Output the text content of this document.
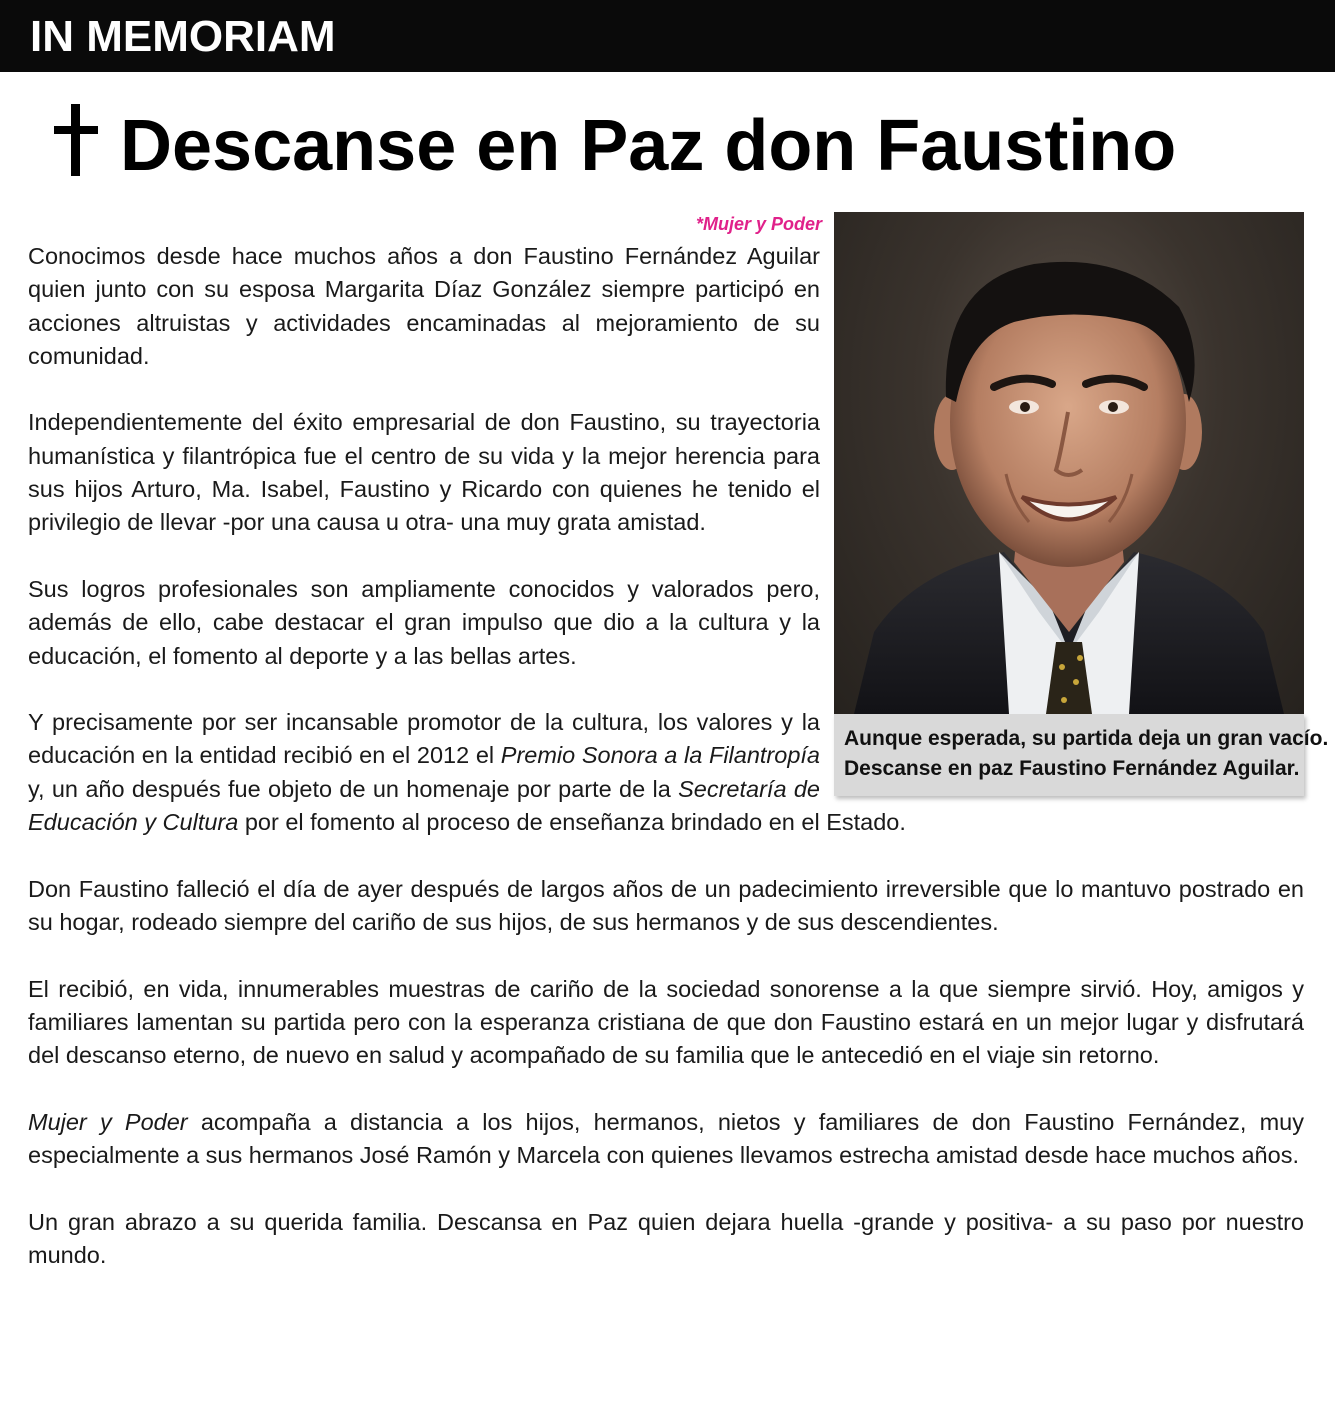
IN MEMORIAM
Descanse en Paz don Faustino
*Mujer y Poder
Aunque esperada, su partida deja un gran vacío.
Descanse en paz Faustino Fernández Aguilar.

Conocimos desde hace muchos años a don Faustino Fernández Aguilar quien junto con su esposa Margarita Díaz González siempre participó en acciones altruistas y actividades encaminadas al mejoramiento de su comunidad.

Independientemente del éxito empresarial de don Faustino, su trayectoria humanística y filantrópica fue el centro de su vida y la mejor herencia para sus hijos Arturo, Ma. Isabel, Faustino y Ricardo con quienes he tenido el privilegio de llevar -por una causa u otra- una muy grata amistad.

Sus logros profesionales son ampliamente conocidos y valorados pero, además de ello, cabe destacar el gran impulso que dio a la cultura y la educación, el fomento al deporte y a las bellas artes.

Y precisamente por ser incansable promotor de la cultura, los valores y la educación en la entidad recibió en el 2012 el Premio Sonora a la Filantropía y, un año después fue objeto de un homenaje por parte de la Secretaría de Educación y Cultura por el fomento al proceso de enseñanza brindado en el Estado.

Don Faustino falleció el día de ayer después de largos años de un padecimiento irreversible que lo mantuvo postrado en su hogar, rodeado siempre del cariño de sus hijos, de sus hermanos y de sus descendientes.

El recibió, en vida, innumerables muestras de cariño de la sociedad sonorense a la que siempre sirvió. Hoy, amigos y familiares lamentan su partida pero con la esperanza cristiana de que don Faustino estará en un mejor lugar y disfrutará del descanso eterno, de nuevo en salud y acompañado de su familia que le antecedió en el viaje sin retorno.

Mujer y Poder acompaña a distancia a los hijos, hermanos, nietos y familiares de don Faustino Fernández, muy especialmente a sus hermanos José Ramón y Marcela con quienes llevamos estrecha amistad desde hace muchos años.

Un gran abrazo a su querida familia. Descansa en Paz quien dejara huella -grande y positiva- a su paso por nuestro mundo.
